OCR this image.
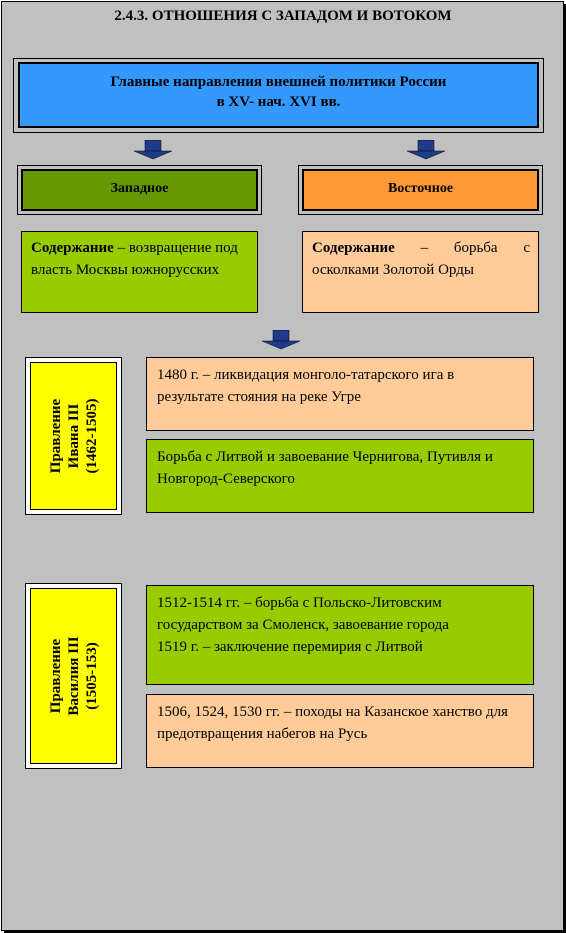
2.4.3. ОТНОШЕНИЯ С ЗАПАДОМ И ВОТОКОМ
Главные направления внешней политики России
в XV- нач. XVI вв.
Западное	Восточное
Содержание – возвращение под власть Москвы южнорусских
Содержание – борьба с осколками Золотой Орды
Правление Ивана III (1462-1505)
1480 г. – ликвидация монголо-татарского ига в результате стояния на реке Угре
Борьба с Литвой и завоевание Чернигова, Путивля и Новгород-Северского
Правление Василия III (1505-153)
1512-1514 гг. – борьба с Польско-Литовским государством за Смоленск, завоевание города
1519 г. – заключение перемирия с Литвой
1506, 1524, 1530 гг. – походы на Казанское ханство для предотвращения набегов на Русь
